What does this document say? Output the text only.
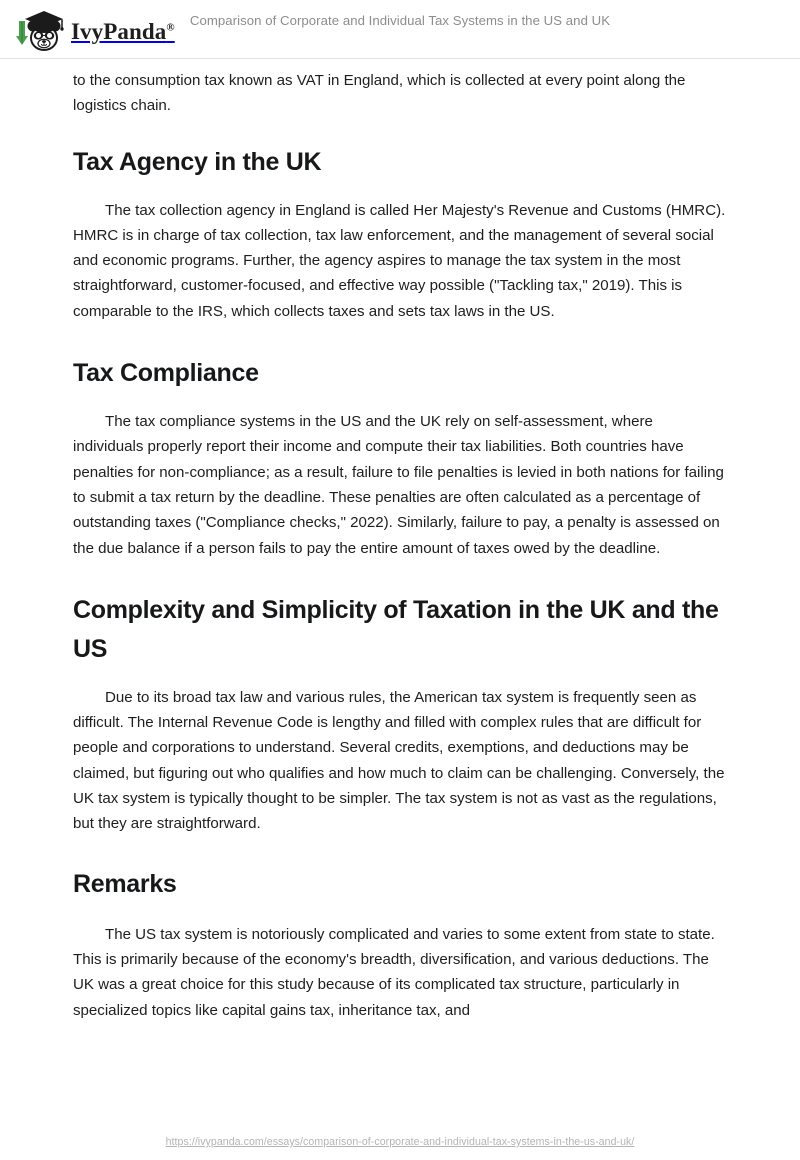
IvyPanda®	Comparison of Corporate and Individual Tax Systems in the US and UK

to the consumption tax known as VAT in England, which is collected at every point along the logistics chain.

Tax Agency in the UK

The tax collection agency in England is called Her Majesty's Revenue and Customs (HMRC). HMRC is in charge of tax collection, tax law enforcement, and the management of several social and economic programs. Further, the agency aspires to manage the tax system in the most straightforward, customer-focused, and effective way possible ("Tackling tax," 2019). This is comparable to the IRS, which collects taxes and sets tax laws in the US.

Tax Compliance

The tax compliance systems in the US and the UK rely on self-assessment, where individuals properly report their income and compute their tax liabilities. Both countries have penalties for non-compliance; as a result, failure to file penalties is levied in both nations for failing to submit a tax return by the deadline. These penalties are often calculated as a percentage of outstanding taxes ("Compliance checks," 2022). Similarly, failure to pay, a penalty is assessed on the due balance if a person fails to pay the entire amount of taxes owed by the deadline.

Complexity and Simplicity of Taxation in the UK and the US

Due to its broad tax law and various rules, the American tax system is frequently seen as difficult. The Internal Revenue Code is lengthy and filled with complex rules that are difficult for people and corporations to understand. Several credits, exemptions, and deductions may be claimed, but figuring out who qualifies and how much to claim can be challenging. Conversely, the UK tax system is typically thought to be simpler. The tax system is not as vast as the regulations, but they are straightforward.

Remarks

The US tax system is notoriously complicated and varies to some extent from state to state. This is primarily because of the economy's breadth, diversification, and various deductions. The UK was a great choice for this study because of its complicated tax structure, particularly in specialized topics like capital gains tax, inheritance tax, and

https://ivypanda.com/essays/comparison-of-corporate-and-individual-tax-systems-in-the-us-and-uk/
